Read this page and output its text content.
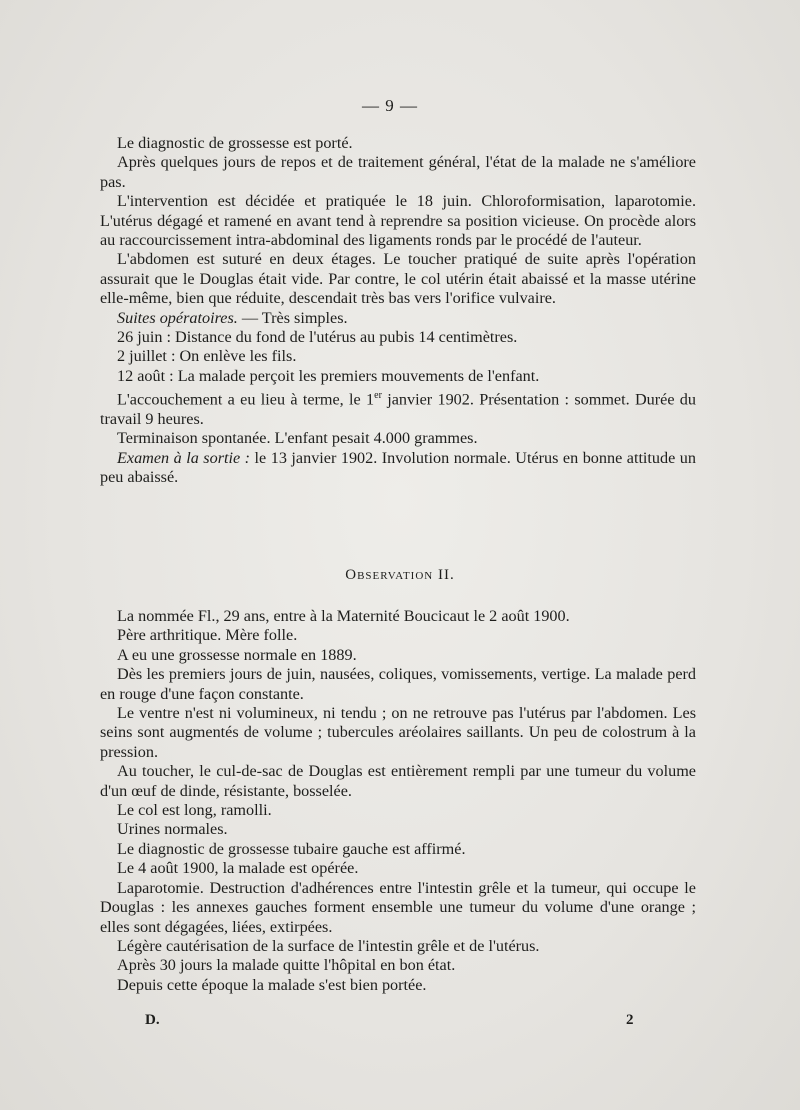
— 9 —

Le diagnostic de grossesse est porté.

Après quelques jours de repos et de traitement général, l'état de la malade ne s'améliore pas.

L'intervention est décidée et pratiquée le 18 juin. Chloroformisation, laparotomie. L'utérus dégagé et ramené en avant tend à reprendre sa position vicieuse. On procède alors au raccourcissement intra-abdominal des ligaments ronds par le procédé de l'auteur.

L'abdomen est suturé en deux étages. Le toucher pratiqué de suite après l'opération assurait que le Douglas était vide. Par contre, le col utérin était abaissé et la masse utérine elle-même, bien que réduite, descendait très bas vers l'orifice vulvaire.

Suites opératoires. — Très simples.

26 juin : Distance du fond de l'utérus au pubis 14 centimètres.

2 juillet : On enlève les fils.

12 août : La malade perçoit les premiers mouvements de l'enfant.

L'accouchement a eu lieu à terme, le 1er janvier 1902. Présentation : sommet. Durée du travail 9 heures.

Terminaison spontanée. L'enfant pesait 4.000 grammes.

Examen à la sortie : le 13 janvier 1902. Involution normale. Utérus en bonne attitude un peu abaissé.

Observation II.

La nommée Fl., 29 ans, entre à la Maternité Boucicaut le 2 août 1900.

Père arthritique. Mère folle.

A eu une grossesse normale en 1889.

Dès les premiers jours de juin, nausées, coliques, vomissements, vertige. La malade perd en rouge d'une façon constante.

Le ventre n'est ni volumineux, ni tendu ; on ne retrouve pas l'utérus par l'abdomen. Les seins sont augmentés de volume ; tubercules aréolaires saillants. Un peu de colostrum à la pression.

Au toucher, le cul-de-sac de Douglas est entièrement rempli par une tumeur du volume d'un œuf de dinde, résistante, bosselée.

Le col est long, ramolli.

Urines normales.

Le diagnostic de grossesse tubaire gauche est affirmé.

Le 4 août 1900, la malade est opérée.

Laparotomie. Destruction d'adhérences entre l'intestin grêle et la tumeur, qui occupe le Douglas : les annexes gauches forment ensemble une tumeur du volume d'une orange ; elles sont dégagées, liées, extirpées.

Légère cautérisation de la surface de l'intestin grêle et de l'utérus.

Après 30 jours la malade quitte l'hôpital en bon état.

Depuis cette époque la malade s'est bien portée.

D.	2
